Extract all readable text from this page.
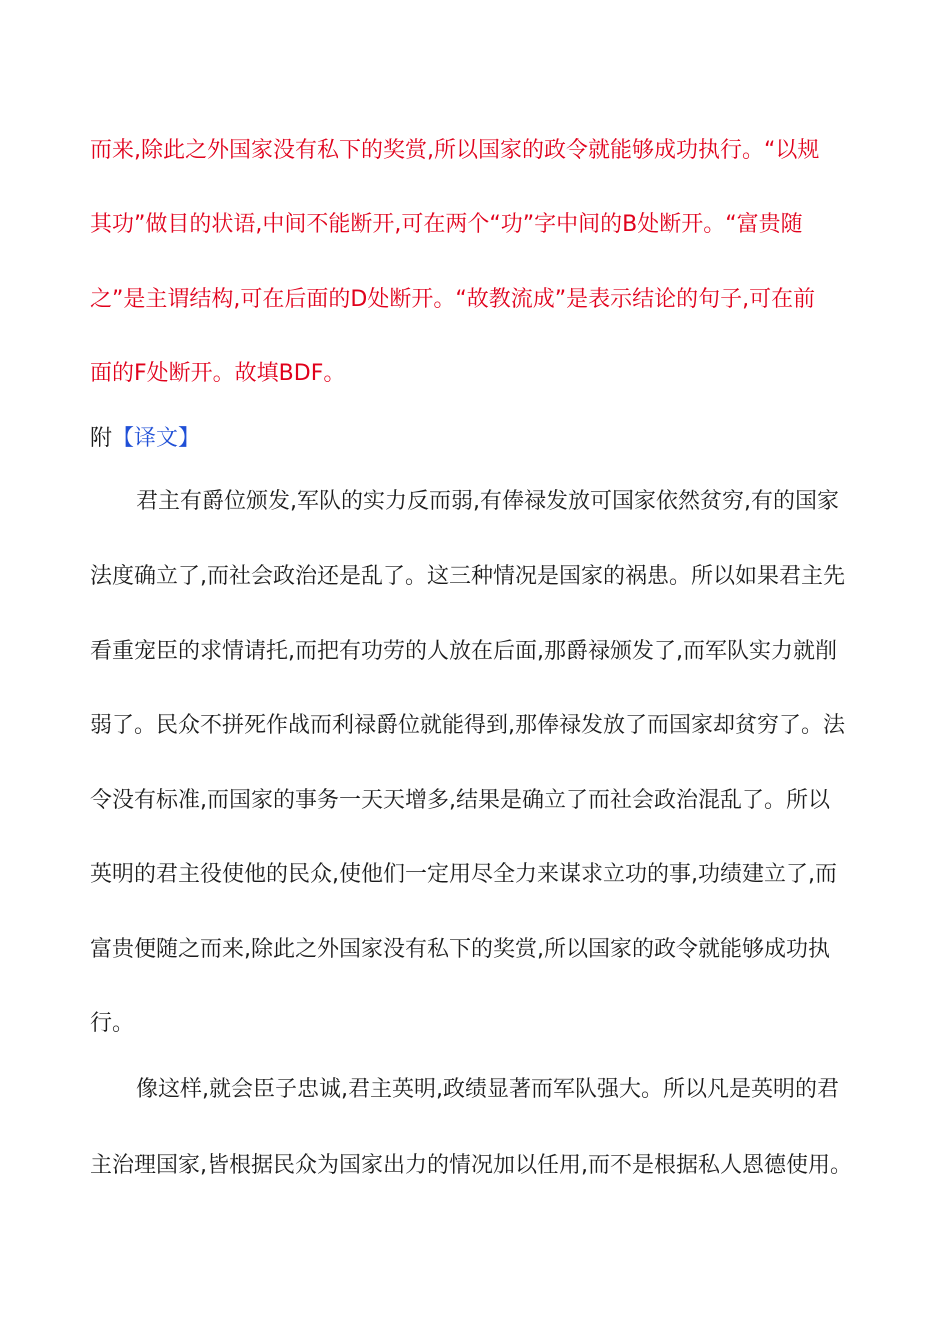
而来,除此之外国家没有私下的奖赏,所以国家的政令就能够成功执行。“以规
其功”做目的状语,中间不能断开,可在两个“功”字中间的B处断开。“富贵随
之”是主谓结构,可在后面的D处断开。“故教流成”是表示结论的句子,可在前
面的F处断开。故填BDF。
附【译文】
君主有爵位颁发,军队的实力反而弱,有俸禄发放可国家依然贫穷,有的国家
法度确立了,而社会政治还是乱了。这三种情况是国家的祸患。所以如果君主先
看重宠臣的求情请托,而把有功劳的人放在后面,那爵禄颁发了,而军队实力就削
弱了。民众不拼死作战而利禄爵位就能得到,那俸禄发放了而国家却贫穷了。法
令没有标准,而国家的事务一天天增多,结果是确立了而社会政治混乱了。所以
英明的君主役使他的民众,使他们一定用尽全力来谋求立功的事,功绩建立了,而
富贵便随之而来,除此之外国家没有私下的奖赏,所以国家的政令就能够成功执
行。
像这样,就会臣子忠诚,君主英明,政绩显著而军队强大。所以凡是英明的君
主治理国家,皆根据民众为国家出力的情况加以任用,而不是根据私人恩德使用。
